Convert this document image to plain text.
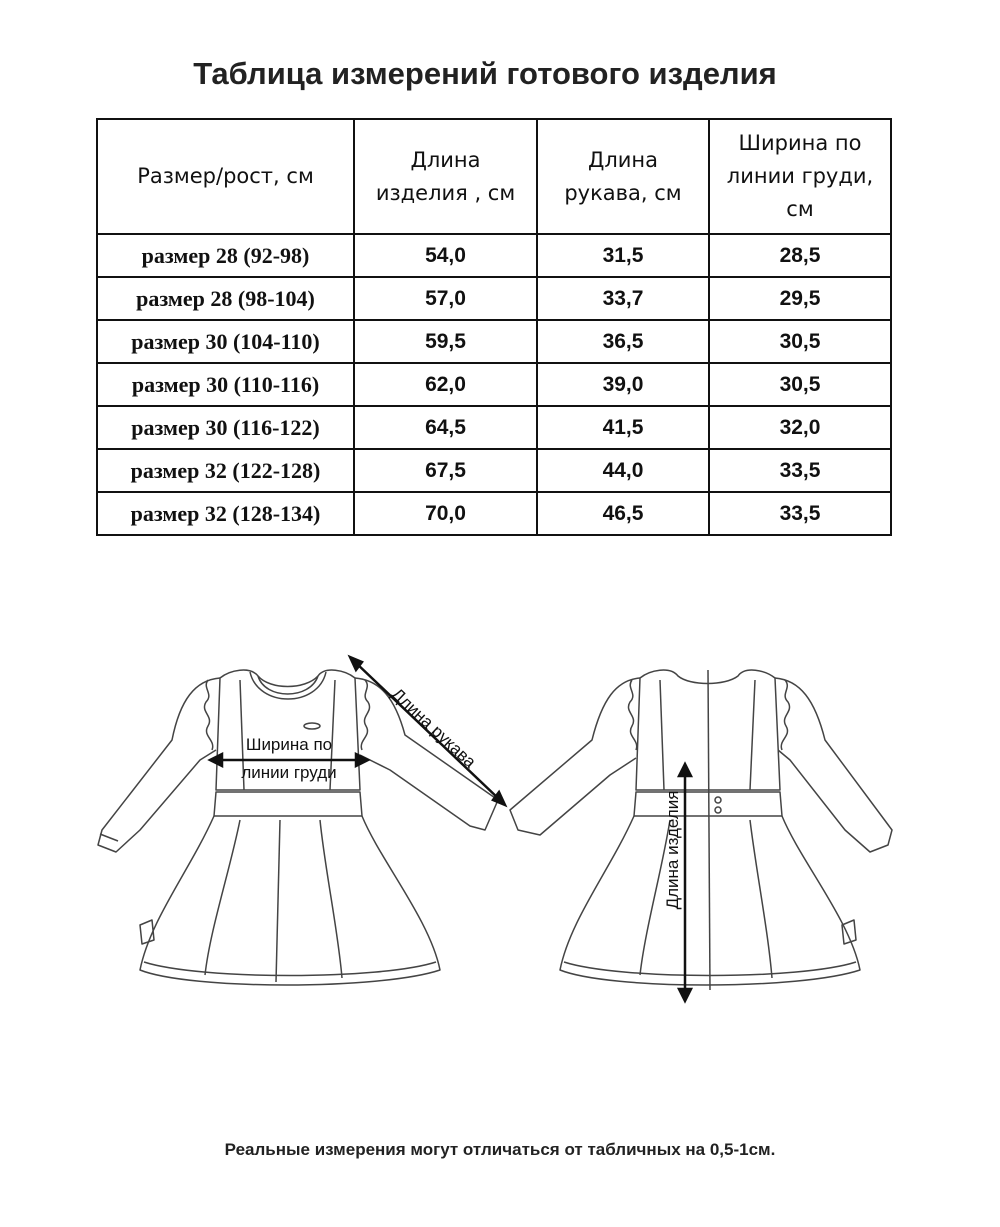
Таблица измерений готового изделия
Размер/рост, см	Длина изделия , см	Длина рукава, см	Ширина по линии груди, см

размер 28 (92-98)	54,0	31,5	28,5
размер 28 (98-104)	57,0	33,7	29,5
размер 30 (104-110)	59,5	36,5	30,5
размер 30 (110-116)	62,0	39,0	30,5
размер 30 (116-122)	64,5	41,5	32,0
размер 32 (122-128)	67,5	44,0	33,5
размер 32 (128-134)	70,0	46,5	33,5
Ширина по
линии груди
Длина рукава
Длина изделия
Реальные измерения могут отличаться от табличных на 0,5-1см.
